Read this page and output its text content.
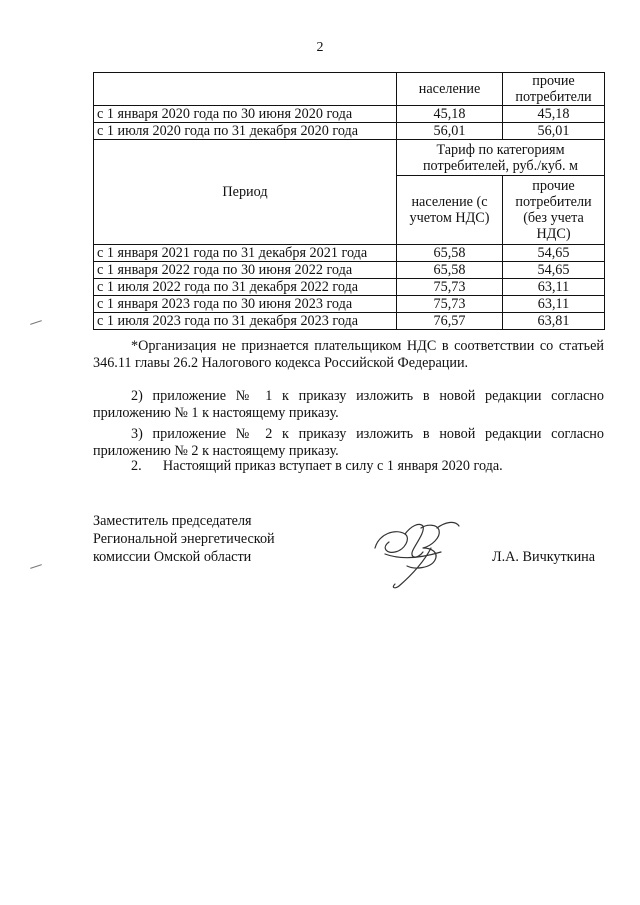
2
	население	прочие потребители
с 1 января 2020 года по 30 июня 2020 года	45,18	45,18
с 1 июля 2020 года по 31 декабря 2020 года	56,01	56,01
Период	Тариф по категориям потребителей, руб./куб. м	
	население (с учетом НДС)	прочие потребители (без учета НДС)
с 1 января 2021 года по 31 декабря 2021 года	65,58	54,65
с 1 января 2022 года по 30 июня 2022 года	65,58	54,65
с 1 июля 2022 года по 31 декабря 2022 года	75,73	63,11
с 1 января 2023 года по 30 июня 2023 года	75,73	63,11
с 1 июля 2023 года по 31 декабря 2023 года	76,57	63,81

*Организация не признается плательщиком НДС в соответствии со статьей 346.11 главы 26.2 Налогового кодекса Российской Федерации.

2) приложение № 1 к приказу изложить в новой редакции согласно приложению № 1 к настоящему приказу.

3) приложение № 2 к приказу изложить в новой редакции согласно приложению № 2 к настоящему приказу.

2.      Настоящий приказ вступает в силу с 1 января 2020 года.

Заместитель председателя
Региональной энергетической
комиссии Омской области	Л.А. Вичкуткина
